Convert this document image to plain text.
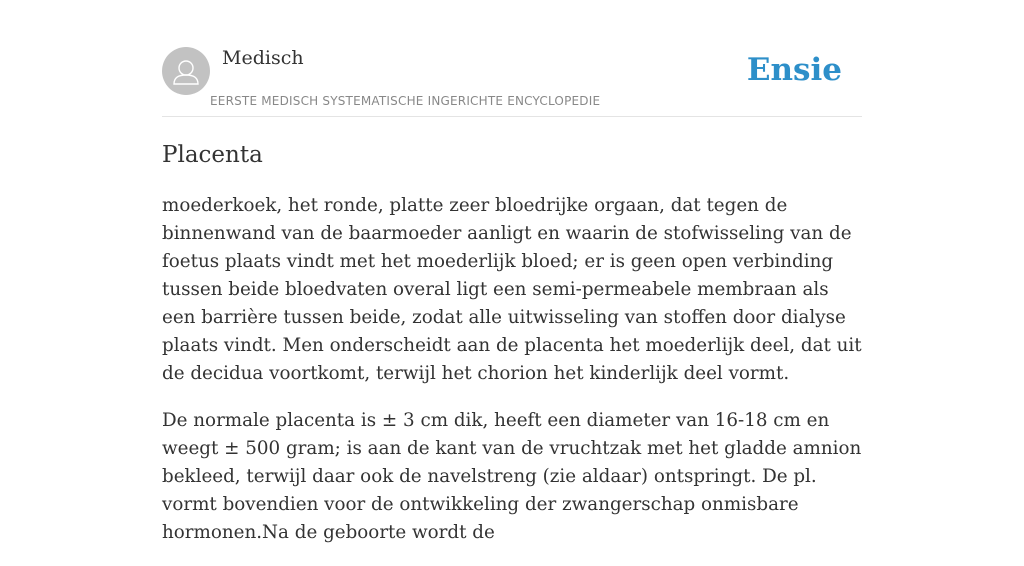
Medisch
EERSTE MEDISCH SYSTEMATISCHE INGERICHTE ENCYCLOPEDIE
Ensie
Placenta

moederkoek, het ronde, platte zeer bloedrijke orgaan, dat tegen de binnenwand van de baarmoeder aanligt en waarin de stofwisseling van de foetus plaats vindt met het moederlijk bloed; er is geen open verbinding tussen beide bloedvaten overal ligt een semi-permeabele membraan als een barrière tussen beide, zodat alle uitwisseling van stoffen door dialyse plaats vindt. Men onderscheidt aan de placenta het moederlijk deel, dat uit de decidua voortkomt, terwijl het chorion het kinderlijk deel vormt.

De normale placenta is ± 3 cm dik, heeft een diameter van 16-18 cm en weegt ± 500 gram; is aan de kant van de vruchtzak met het gladde amnion bekleed, terwijl daar ook de navelstreng (zie aldaar) ontspringt. De pl. vormt bovendien voor de ontwikkeling der zwangerschap onmisbare hormonen.Na de geboorte wordt de
